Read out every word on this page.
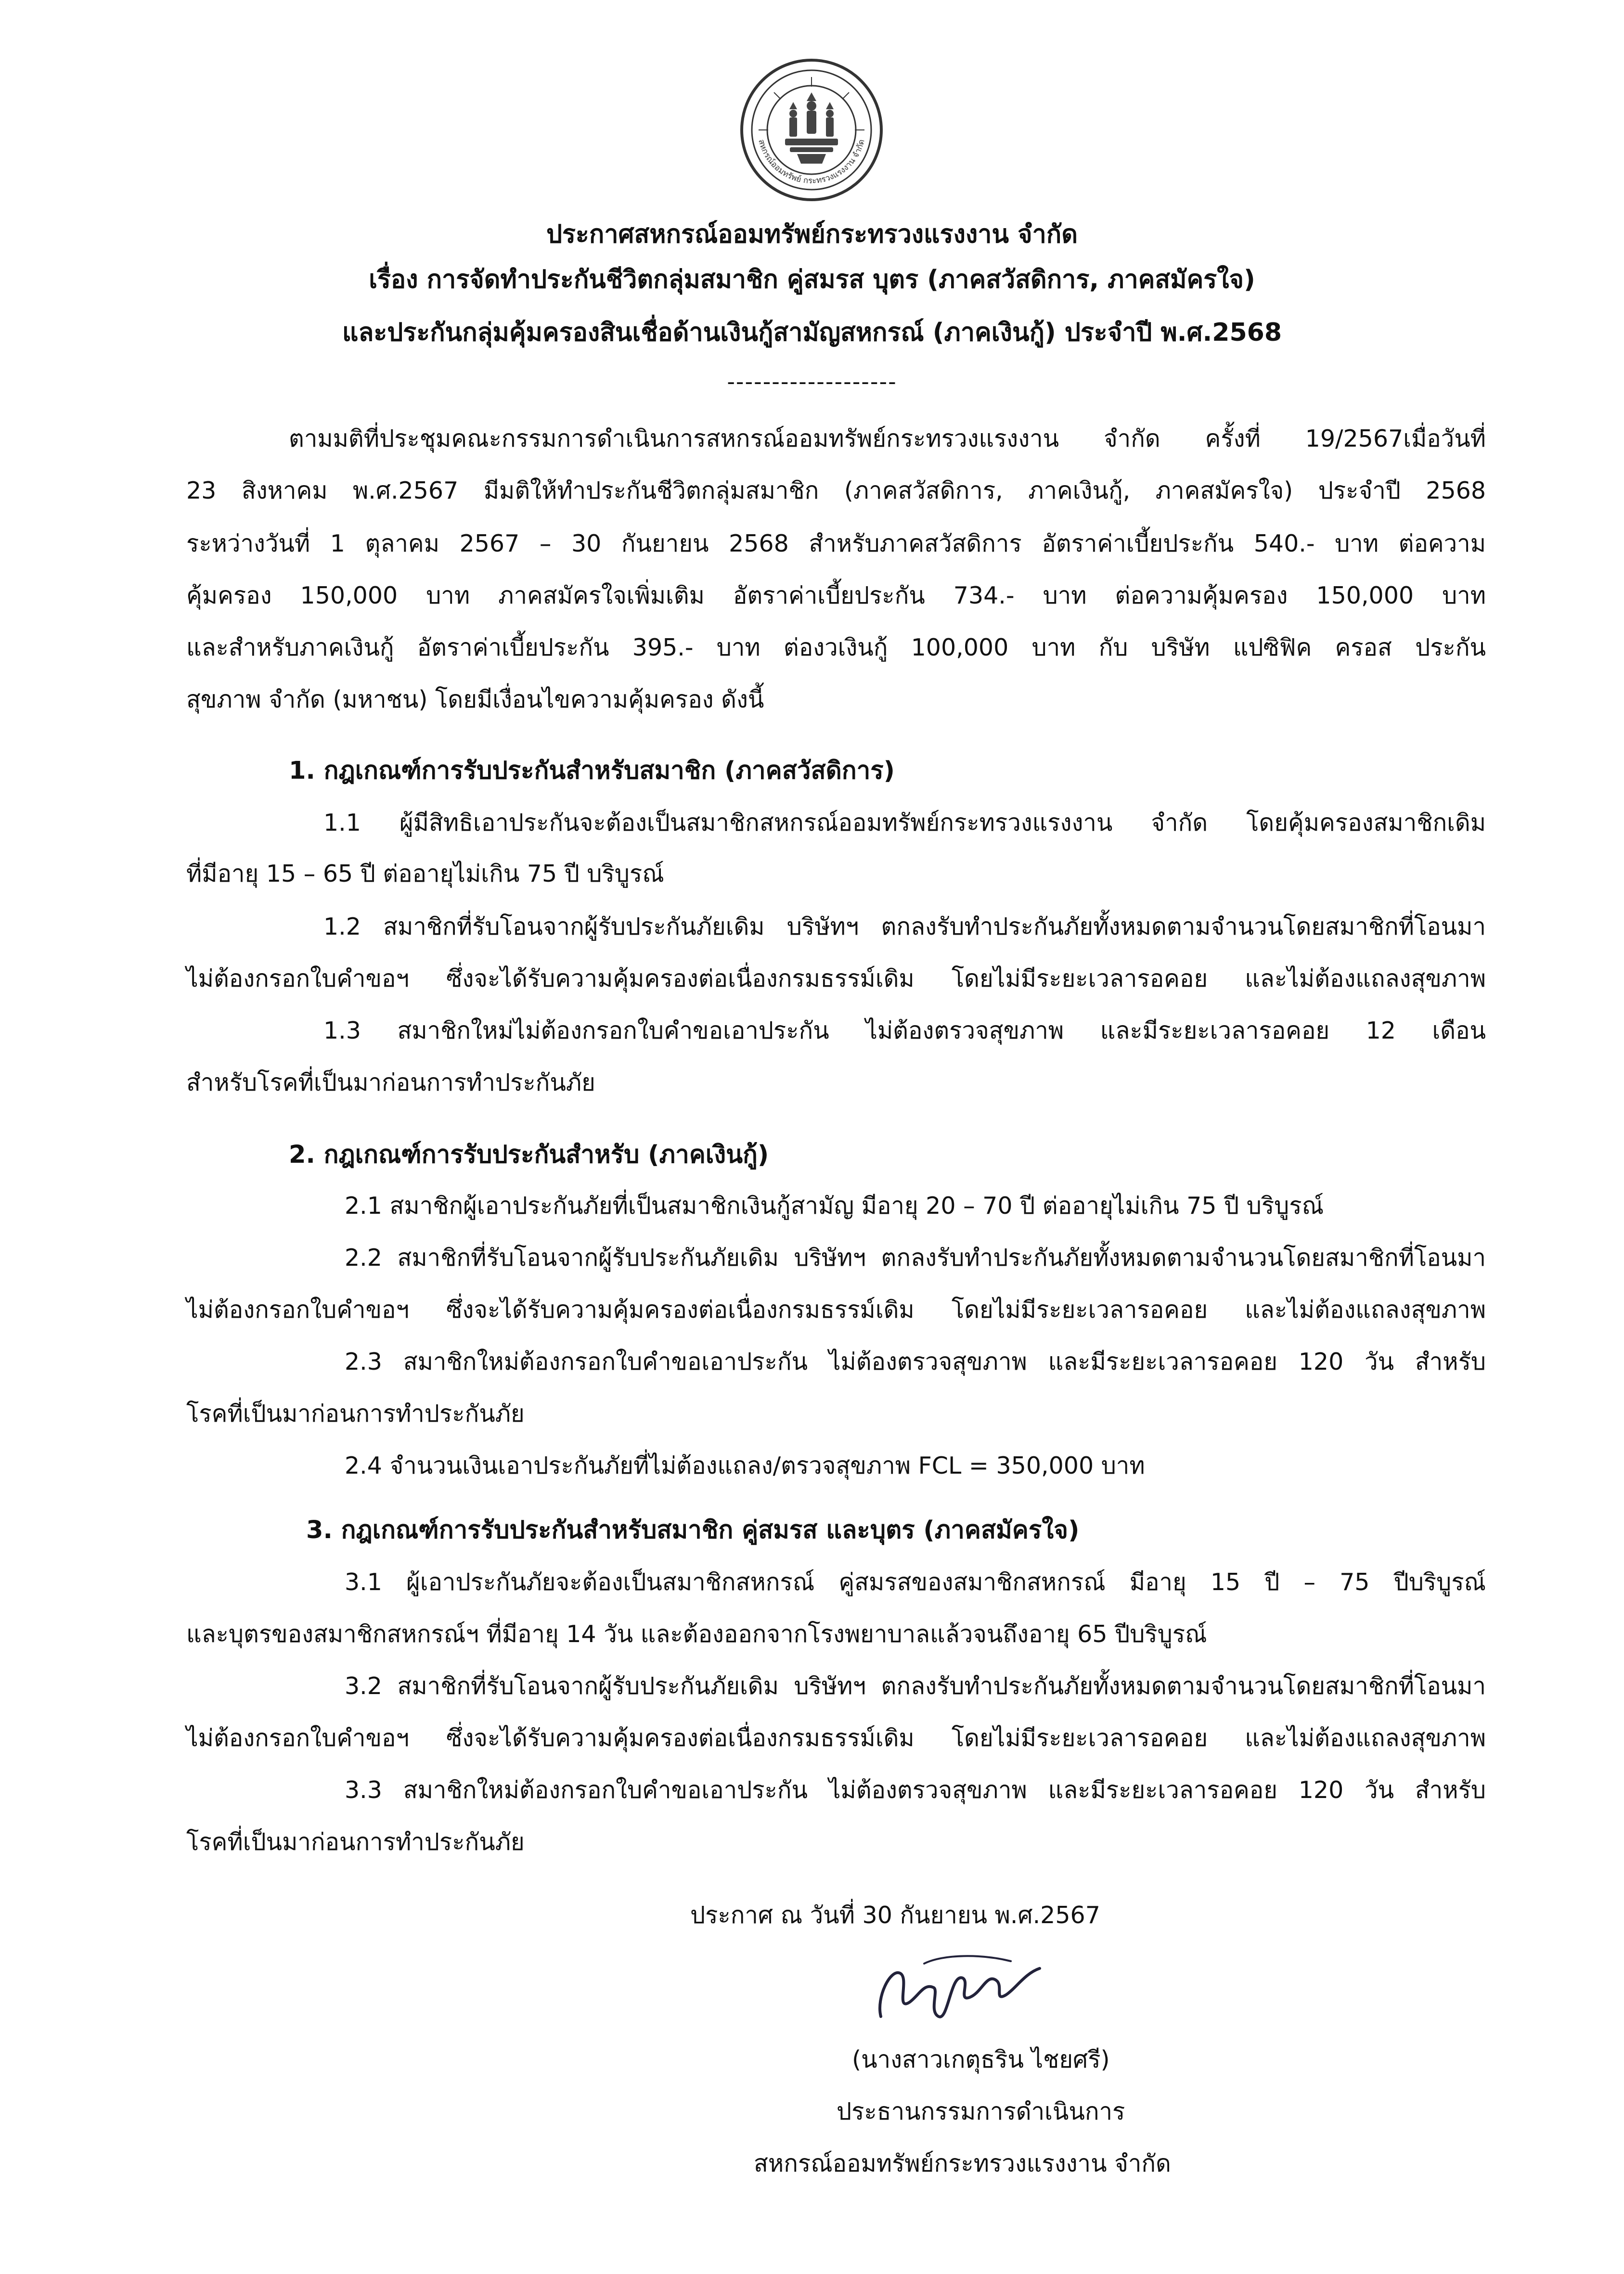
สหกรณ์ออมทรัพย์ กระทรวงแรงงาน จำกัด
ประกาศสหกรณ์ออมทรัพย์กระทรวงแรงงาน จำกัด
เรื่อง การจัดทำประกันชีวิตกลุ่มสมาชิก คู่สมรส บุตร (ภาคสวัสดิการ, ภาคสมัครใจ)
และประกันกลุ่มคุ้มครองสินเชื่อด้านเงินกู้สามัญสหกรณ์ (ภาคเงินกู้) ประจำปี พ.ศ.2568
-------------------
ตามมติที่ประชุมคณะกรรมการดำเนินการสหกรณ์ออมทรัพย์กระทรวงแรงงาน จำกัด ครั้งที่ 19/2567เมื่อวันที่
23 สิงหาคม พ.ศ.2567 มีมติให้ทำประกันชีวิตกลุ่มสมาชิก (ภาคสวัสดิการ, ภาคเงินกู้, ภาคสมัครใจ) ประจำปี 2568
ระหว่างวันที่ 1 ตุลาคม 2567 – 30 กันยายน 2568 สำหรับภาคสวัสดิการ อัตราค่าเบี้ยประกัน 540.- บาท ต่อความ
คุ้มครอง 150,000 บาท ภาคสมัครใจเพิ่มเติม อัตราค่าเบี้ยประกัน 734.- บาท ต่อความคุ้มครอง 150,000 บาท
และสำหรับภาคเงินกู้ อัตราค่าเบี้ยประกัน 395.- บาท ต่องวเงินกู้ 100,000 บาท กับ บริษัท แปซิฟิค ครอส ประกัน
สุขภาพ จำกัด (มหาชน) โดยมีเงื่อนไขความคุ้มครอง ดังนี้
1. กฎเกณฑ์การรับประกันสำหรับสมาชิก (ภาคสวัสดิการ)
1.1 ผู้มีสิทธิเอาประกันจะต้องเป็นสมาชิกสหกรณ์ออมทรัพย์กระทรวงแรงงาน จำกัด โดยคุ้มครองสมาชิกเดิม
ที่มีอายุ 15 – 65 ปี ต่ออายุไม่เกิน 75 ปี บริบูรณ์
1.2 สมาชิกที่รับโอนจากผู้รับประกันภัยเดิม บริษัทฯ ตกลงรับทำประกันภัยทั้งหมดตามจำนวนโดยสมาชิกที่โอนมา
ไม่ต้องกรอกใบคำขอฯ ซึ่งจะได้รับความคุ้มครองต่อเนื่องกรมธรรม์เดิม โดยไม่มีระยะเวลารอคอย และไม่ต้องแถลงสุขภาพ
1.3 สมาชิกใหม่ไม่ต้องกรอกใบคำขอเอาประกัน ไม่ต้องตรวจสุขภาพ และมีระยะเวลารอคอย 12 เดือน
สำหรับโรคที่เป็นมาก่อนการทำประกันภัย
2. กฎเกณฑ์การรับประกันสำหรับ (ภาคเงินกู้)
2.1 สมาชิกผู้เอาประกันภัยที่เป็นสมาชิกเงินกู้สามัญ มีอายุ 20 – 70 ปี ต่ออายุไม่เกิน 75 ปี บริบูรณ์
2.2 สมาชิกที่รับโอนจากผู้รับประกันภัยเดิม บริษัทฯ ตกลงรับทำประกันภัยทั้งหมดตามจำนวนโดยสมาชิกที่โอนมา
ไม่ต้องกรอกใบคำขอฯ ซึ่งจะได้รับความคุ้มครองต่อเนื่องกรมธรรม์เดิม โดยไม่มีระยะเวลารอคอย และไม่ต้องแถลงสุขภาพ
2.3 สมาชิกใหม่ต้องกรอกใบคำขอเอาประกัน ไม่ต้องตรวจสุขภาพ และมีระยะเวลารอคอย 120 วัน สำหรับ
โรคที่เป็นมาก่อนการทำประกันภัย
2.4 จำนวนเงินเอาประกันภัยที่ไม่ต้องแถลง/ตรวจสุขภาพ FCL = 350,000 บาท
3. กฎเกณฑ์การรับประกันสำหรับสมาชิก คู่สมรส และบุตร (ภาคสมัครใจ)
3.1 ผู้เอาประกันภัยจะต้องเป็นสมาชิกสหกรณ์ คู่สมรสของสมาชิกสหกรณ์ มีอายุ 15 ปี – 75 ปีบริบูรณ์
และบุตรของสมาชิกสหกรณ์ฯ ที่มีอายุ 14 วัน และต้องออกจากโรงพยาบาลแล้วจนถึงอายุ 65 ปีบริบูรณ์
3.2 สมาชิกที่รับโอนจากผู้รับประกันภัยเดิม บริษัทฯ ตกลงรับทำประกันภัยทั้งหมดตามจำนวนโดยสมาชิกที่โอนมา
ไม่ต้องกรอกใบคำขอฯ ซึ่งจะได้รับความคุ้มครองต่อเนื่องกรมธรรม์เดิม โดยไม่มีระยะเวลารอคอย และไม่ต้องแถลงสุขภาพ
3.3 สมาชิกใหม่ต้องกรอกใบคำขอเอาประกัน ไม่ต้องตรวจสุขภาพ และมีระยะเวลารอคอย 120 วัน สำหรับ
โรคที่เป็นมาก่อนการทำประกันภัย
ประกาศ ณ วันที่ 30 กันยายน พ.ศ.2567
(นางสาวเกตุธริน ไชยศรี)
ประธานกรรมการดำเนินการ
สหกรณ์ออมทรัพย์กระทรวงแรงงาน จำกัด
